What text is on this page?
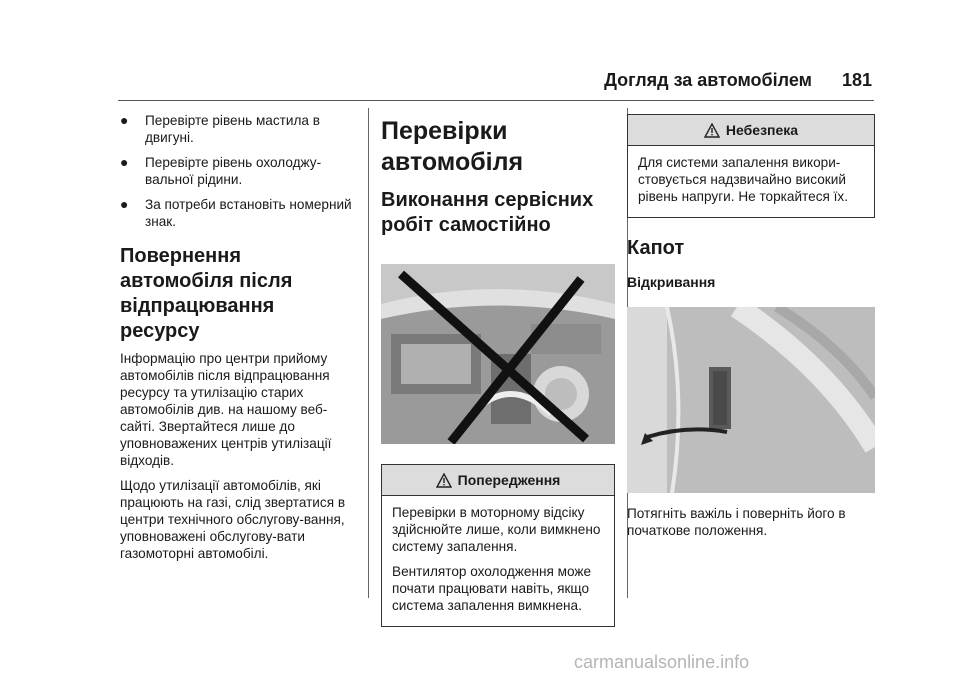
Догляд за автомобілем 181
●	Перевірте рівень мастила в двигуні.
●	Перевірте рівень охолоджу-вальної рідини.
●	За потреби встановіть номерний знак.
Повернення автомобіля після відпрацювання ресурсу

Інформацію про центри прийому автомобілів після відпрацювання ресурсу та утилізацію старих автомобілів див. на нашому веб-сайті. Звертайтеся лише до уповноважених центрів утилізації відходів.

Щодо утилізації автомобілів, які працюють на газі, слід звертатися в центри технічного обслугову-вання, уповноважені обслугову-вати газомоторні автомобілі.

Перевірки автомобіля
Виконання сервісних робіт самостійно
Попередження

Перевірки в моторному відсіку здійснюйте лише, коли вимкнено систему запалення.

Вентилятор охолодження може почати працювати навіть, якщо система запалення вимкнена.

Небезпека

Для системи запалення викори-стовується надзвичайно високий рівень напруги. Не торкайтеся їх.

Капот
Відкривання

Потягніть важіль і поверніть його в початкове положення.

carmanualsonline.info
